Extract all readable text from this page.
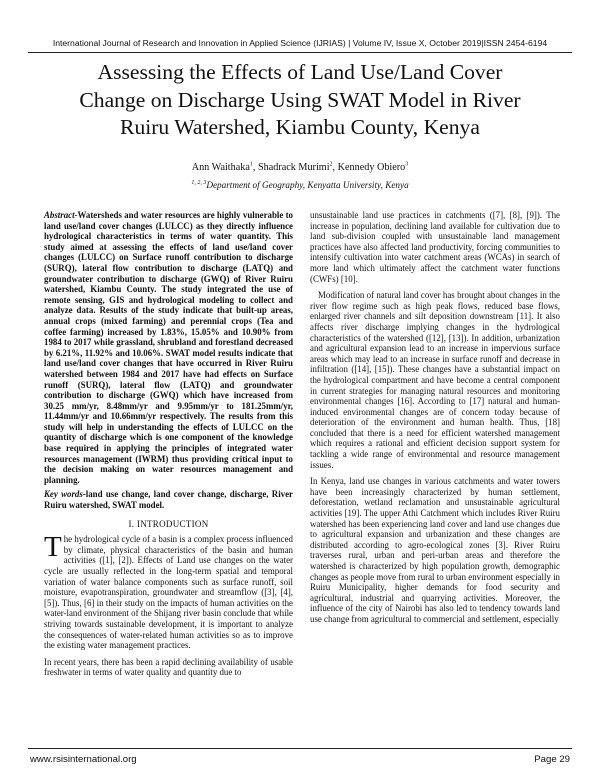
International Journal of Research and Innovation in Applied Science (IJRIAS) | Volume IV, Issue X, October 2019|ISSN 2454-6194
Assessing the Effects of Land Use/Land Cover
Change on Discharge Using SWAT Model in River
Ruiru Watershed, Kiambu County, Kenya
Ann Waithaka$^1$, Shadrack Murimi$^2$, Kennedy Obiero$^3$
$^{1, 2, 3}$Department of Geography, Kenyatta University, Kenya

Abstract-Watersheds and water resources are highly vulnerable to land use/land cover changes (LULCC) as they directly influence hydrological characteristics in terms of water quantity. This study aimed at assessing the effects of land use/land cover changes (LULCC) on Surface runoff contribution to discharge (SURQ), lateral flow contribution to discharge (LATQ) and groundwater contribution to discharge (GWQ) of River Ruiru watershed, Kiambu County. The study integrated the use of remote sensing, GIS and hydrological modeling to collect and analyze data. Results of the study indicate that built-up areas, annual crops (mixed farming) and perennial crops (Tea and coffee farming) increased by 1.83%, 15.05% and 10.90% from 1984 to 2017 while grassland, shrubland and forestland decreased by 6.21%, 11.92% and 10.06%. SWAT model results indicate that land use/land cover changes that have occurred in River Ruiru watershed between 1984 and 2017 have had effects on Surface runoff (SURQ), lateral flow (LATQ) and groundwater contribution to discharge (GWQ) which have increased from 30.25 mm/yr, 8.48mm/yr and 9.95mm/yr to 181.25mm/yr, 11.44mm/yr and 10.66mm/yr respectively. The results from this study will help in understanding the effects of LULCC on the quantity of discharge which is one component of the knowledge base required in applying the principles of integrated water resources management (IWRM) thus providing critical input to the decision making on water resources management and planning.

Key words-land use change, land cover change, discharge, River Ruiru watershed, SWAT model.

I. INTRODUCTION

The hydrological cycle of a basin is a complex process influenced by climate, physical characteristics of the basin and human activities ([1], [2]). Effects of Land use changes on the water cycle are usually reflected in the long-term spatial and temporal variation of water balance components such as surface runoff, soil moisture, evapotranspiration, groundwater and streamflow ([3], [4], [5]). Thus, [6] in their study on the impacts of human activities on the water-land environment of the Shijang river basin conclude that while striving towards sustainable development, it is important to analyze the consequences of water-related human activities so as to improve the existing water management practices.

In recent years, there has been a rapid declining availability of usable freshwater in terms of water quality and quantity due to

unsustainable land use practices in catchments ([7], [8], [9]). The increase in population, declining land available for cultivation due to land sub-division coupled with unsustainable land management practices have also affected land productivity, forcing communities to intensify cultivation into water catchment areas (WCAs) in search of more land which ultimately affect the catchment water functions (CWFs) [10].

Modification of natural land cover has brought about changes in the river flow regime such as high peak flows, reduced base flows, enlarged river channels and silt deposition downstream [11]. It also affects river discharge implying changes in the hydrological characteristics of the watershed ([12], [13]). In addition, urbanization and agricultural expansion lead to an increase in impervious surface areas which may lead to an increase in surface runoff and decrease in infiltration ([14], [15]). These changes have a substantial impact on the hydrological compartment and have become a central component in current strategies for managing natural resources and monitoring environmental changes [16]. According to [17] natural and human-induced environmental changes are of concern today because of deterioration of the environment and human health. Thus, [18] concluded that there is a need for efficient watershed management which requires a rational and efficient decision support system for tackling a wide range of environmental and resource management issues.

In Kenya, land use changes in various catchments and water towers have been increasingly characterized by human settlement, deforestation, wetland reclamation and unsustainable agricultural activities [19]. The upper Athi Catchment which includes River Ruiru watershed has been experiencing land cover and land use changes due to agricultural expansion and urbanization and these changes are distributed according to agro-ecological zones [3]. River Ruiru traverses rural, urban and peri-urban areas and therefore the watershed is characterized by high population growth, demographic changes as people move from rural to urban environment especially in Ruiru Municipality, higher demands for food security and agricultural, industrial and quarrying activities. Moreover, the influence of the city of Nairobi has also led to tendency towards land use change from agricultural to commercial and settlement, especially

www.rsisinternational.org	Page 29
